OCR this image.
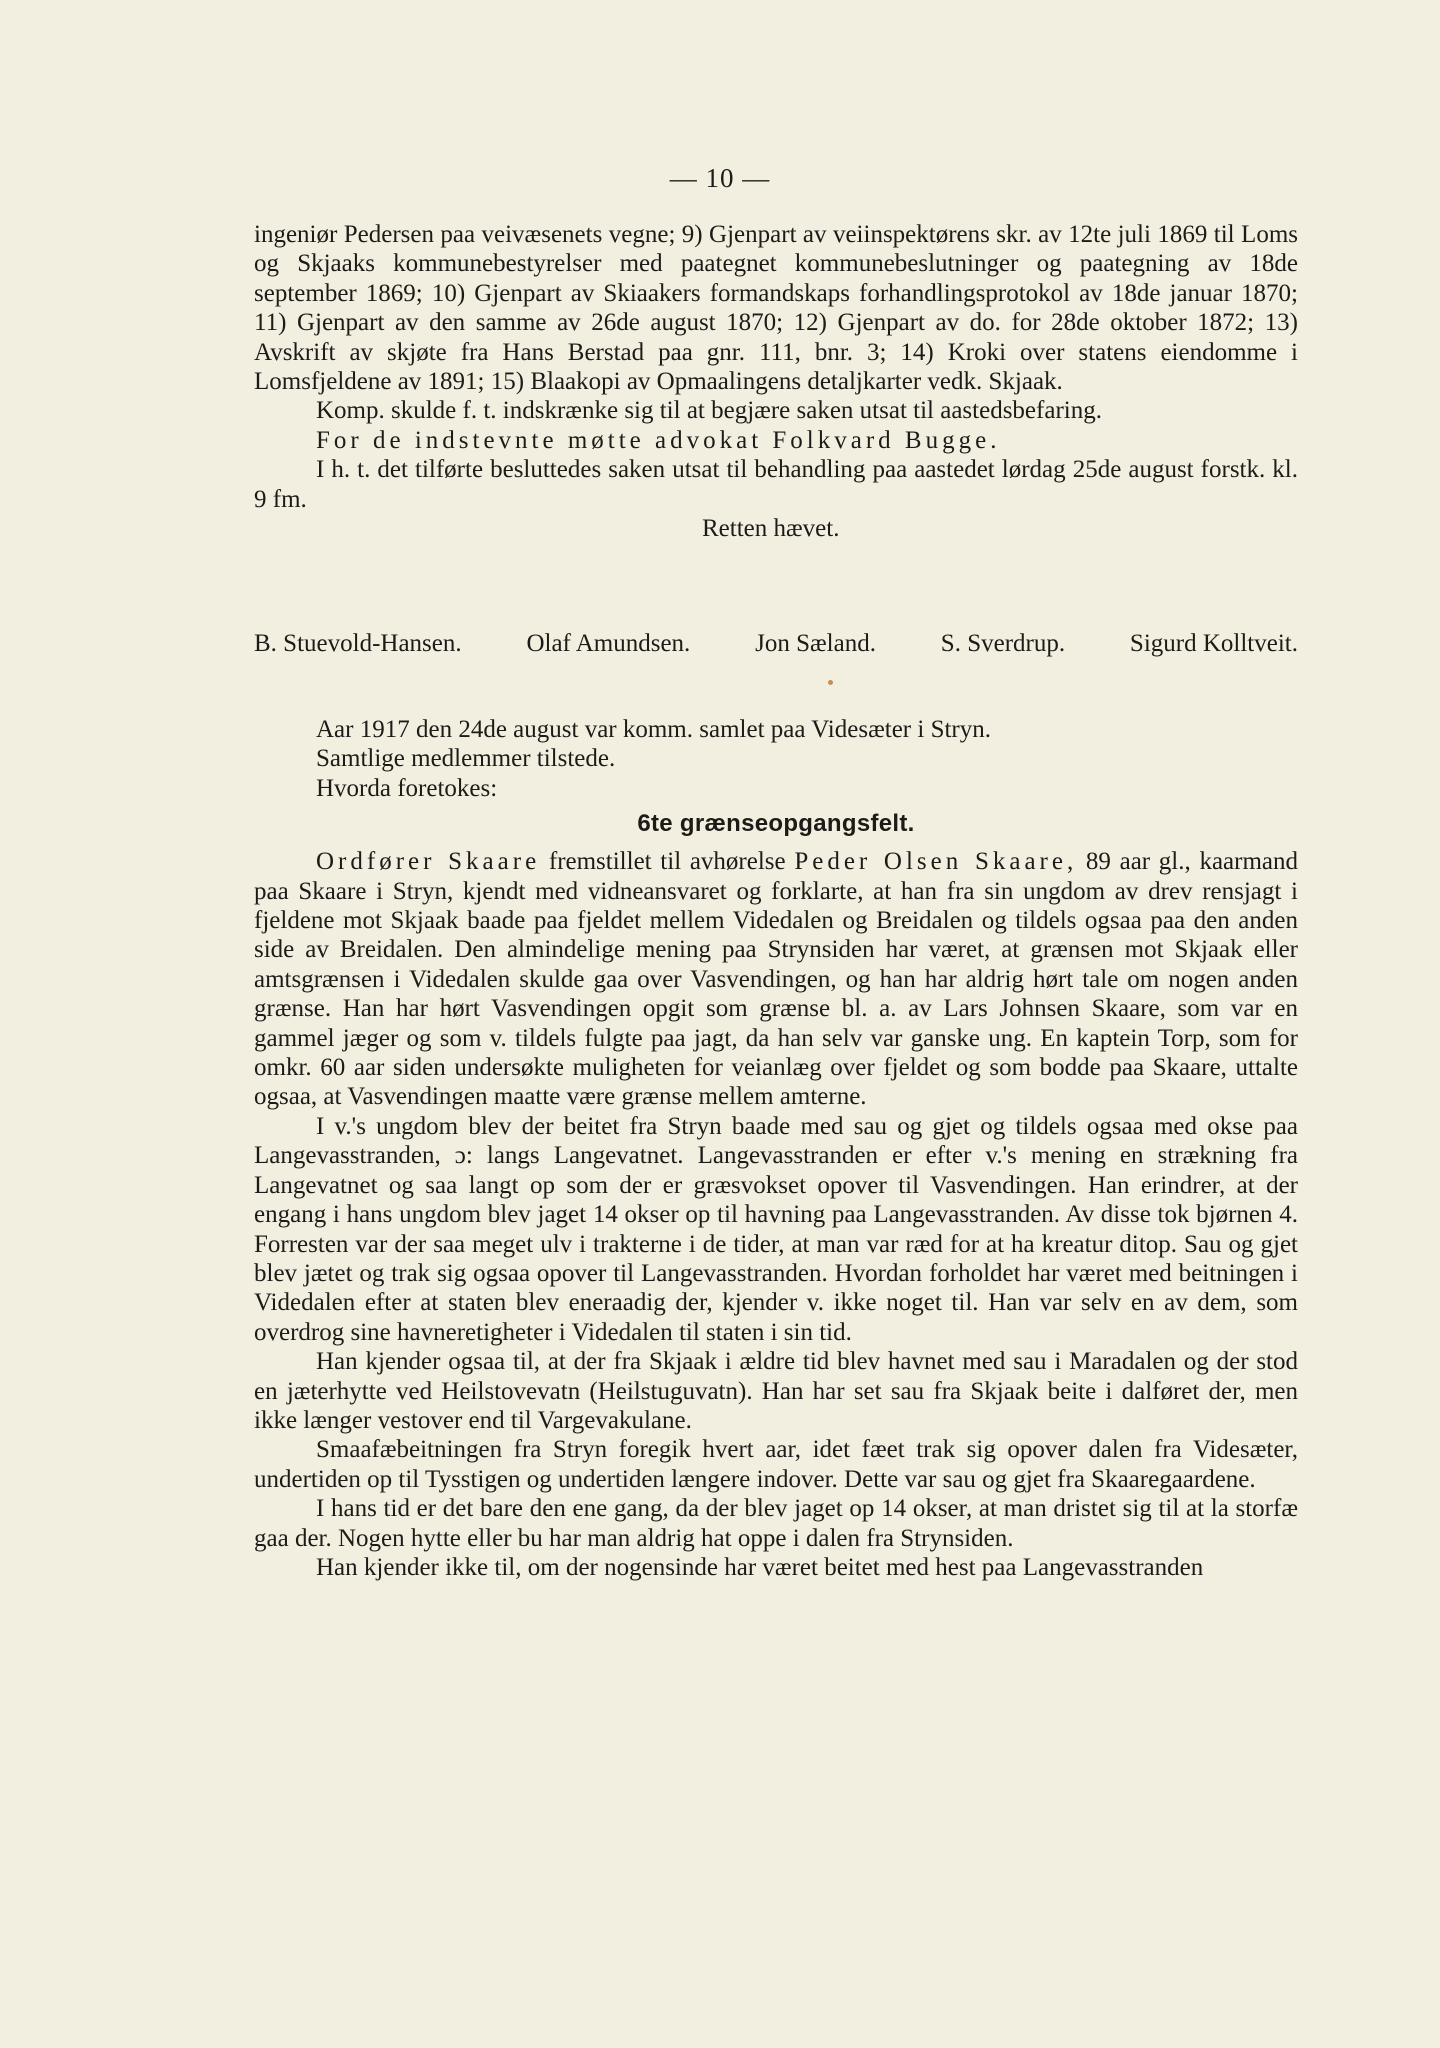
— 10 —

ingeniør Pedersen paa veivæsenets vegne; 9) Gjenpart av veiinspektørens skr. av 12te juli 1869 til Loms og Skjaaks kommunebestyrelser med paategnet kommunebeslutninger og paategning av 18de september 1869; 10) Gjenpart av Skiaakers formandskaps forhandlingsprotokol av 18de januar 1870; 11) Gjenpart av den samme av 26de august 1870; 12) Gjenpart av do. for 28de oktober 1872; 13) Avskrift av skjøte fra Hans Berstad paa gnr. 111, bnr. 3; 14) Kroki over statens eiendomme i Lomsfjeldene av 1891; 15) Blaakopi av Opmaalingens detaljkarter vedk. Skjaak.

Komp. skulde f. t. indskrænke sig til at begjære saken utsat til aastedsbefaring.

For de indstevnte møtte advokat Folkvard Bugge.

I h. t. det tilførte besluttedes saken utsat til behandling paa aastedet lørdag 25de august forstk. kl. 9 fm.

Retten hævet.

B. Stuevold-Hansen.	Olaf Amundsen.	Jon Sæland.	S. Sverdrup.	Sigurd Kolltveit.

Aar 1917 den 24de august var komm. samlet paa Videsæter i Stryn.

Samtlige medlemmer tilstede.

Hvorda foretokes:

6te grænseopgangsfelt.

Ordfører Skaare fremstillet til avhørelse Peder Olsen Skaare, 89 aar gl., kaarmand paa Skaare i Stryn, kjendt med vidneansvaret og forklarte, at han fra sin ungdom av drev rensjagt i fjeldene mot Skjaak baade paa fjeldet mellem Videdalen og Breidalen og tildels ogsaa paa den anden side av Breidalen. Den almindelige mening paa Strynsiden har været, at grænsen mot Skjaak eller amtsgrænsen i Videdalen skulde gaa over Vasvendingen, og han har aldrig hørt tale om nogen anden grænse. Han har hørt Vasvendingen opgit som grænse bl. a. av Lars Johnsen Skaare, som var en gammel jæger og som v. tildels fulgte paa jagt, da han selv var ganske ung. En kaptein Torp, som for omkr. 60 aar siden undersøkte muligheten for veianlæg over fjeldet og som bodde paa Skaare, uttalte ogsaa, at Vasvendingen maatte være grænse mellem amterne.

I v.'s ungdom blev der beitet fra Stryn baade med sau og gjet og tildels ogsaa med okse paa Langevasstranden, ɔ: langs Langevatnet. Langevasstranden er efter v.'s mening en strækning fra Langevatnet og saa langt op som der er græsvokset opover til Vasvendingen. Han erindrer, at der engang i hans ungdom blev jaget 14 okser op til havning paa Langevasstranden. Av disse tok bjørnen 4. Forresten var der saa meget ulv i trakterne i de tider, at man var ræd for at ha kreatur ditop. Sau og gjet blev jætet og trak sig ogsaa opover til Langevasstranden. Hvordan forholdet har været med beitningen i Videdalen efter at staten blev eneraadig der, kjender v. ikke noget til. Han var selv en av dem, som overdrog sine havneretigheter i Videdalen til staten i sin tid.

Han kjender ogsaa til, at der fra Skjaak i ældre tid blev havnet med sau i Maradalen og der stod en jæterhytte ved Heilstovevatn (Heilstuguvatn). Han har set sau fra Skjaak beite i dalføret der, men ikke længer vestover end til Vargevakulane.

Smaafæbeitningen fra Stryn foregik hvert aar, idet fæet trak sig opover dalen fra Videsæter, undertiden op til Tysstigen og undertiden længere indover. Dette var sau og gjet fra Skaaregaardene.

I hans tid er det bare den ene gang, da der blev jaget op 14 okser, at man dristet sig til at la storfæ gaa der. Nogen hytte eller bu har man aldrig hat oppe i dalen fra Strynsiden.

Han kjender ikke til, om der nogensinde har været beitet med hest paa Langevasstranden
